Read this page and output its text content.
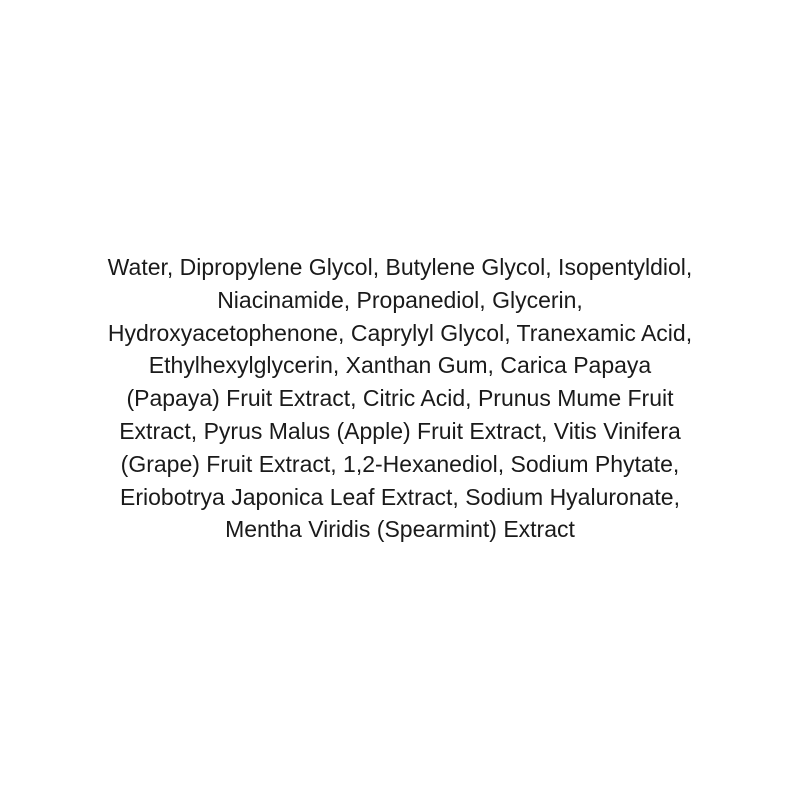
Water, Dipropylene Glycol, Butylene Glycol, Isopentyldiol,
Niacinamide, Propanediol, Glycerin,
Hydroxyacetophenone, Caprylyl Glycol, Tranexamic Acid,
Ethylhexylglycerin, Xanthan Gum, Carica Papaya
(Papaya) Fruit Extract, Citric Acid, Prunus Mume Fruit
Extract, Pyrus Malus (Apple) Fruit Extract, Vitis Vinifera
(Grape) Fruit Extract, 1,2-Hexanediol, Sodium Phytate,
Eriobotrya Japonica Leaf Extract, Sodium Hyaluronate,
Mentha Viridis (Spearmint) Extract
